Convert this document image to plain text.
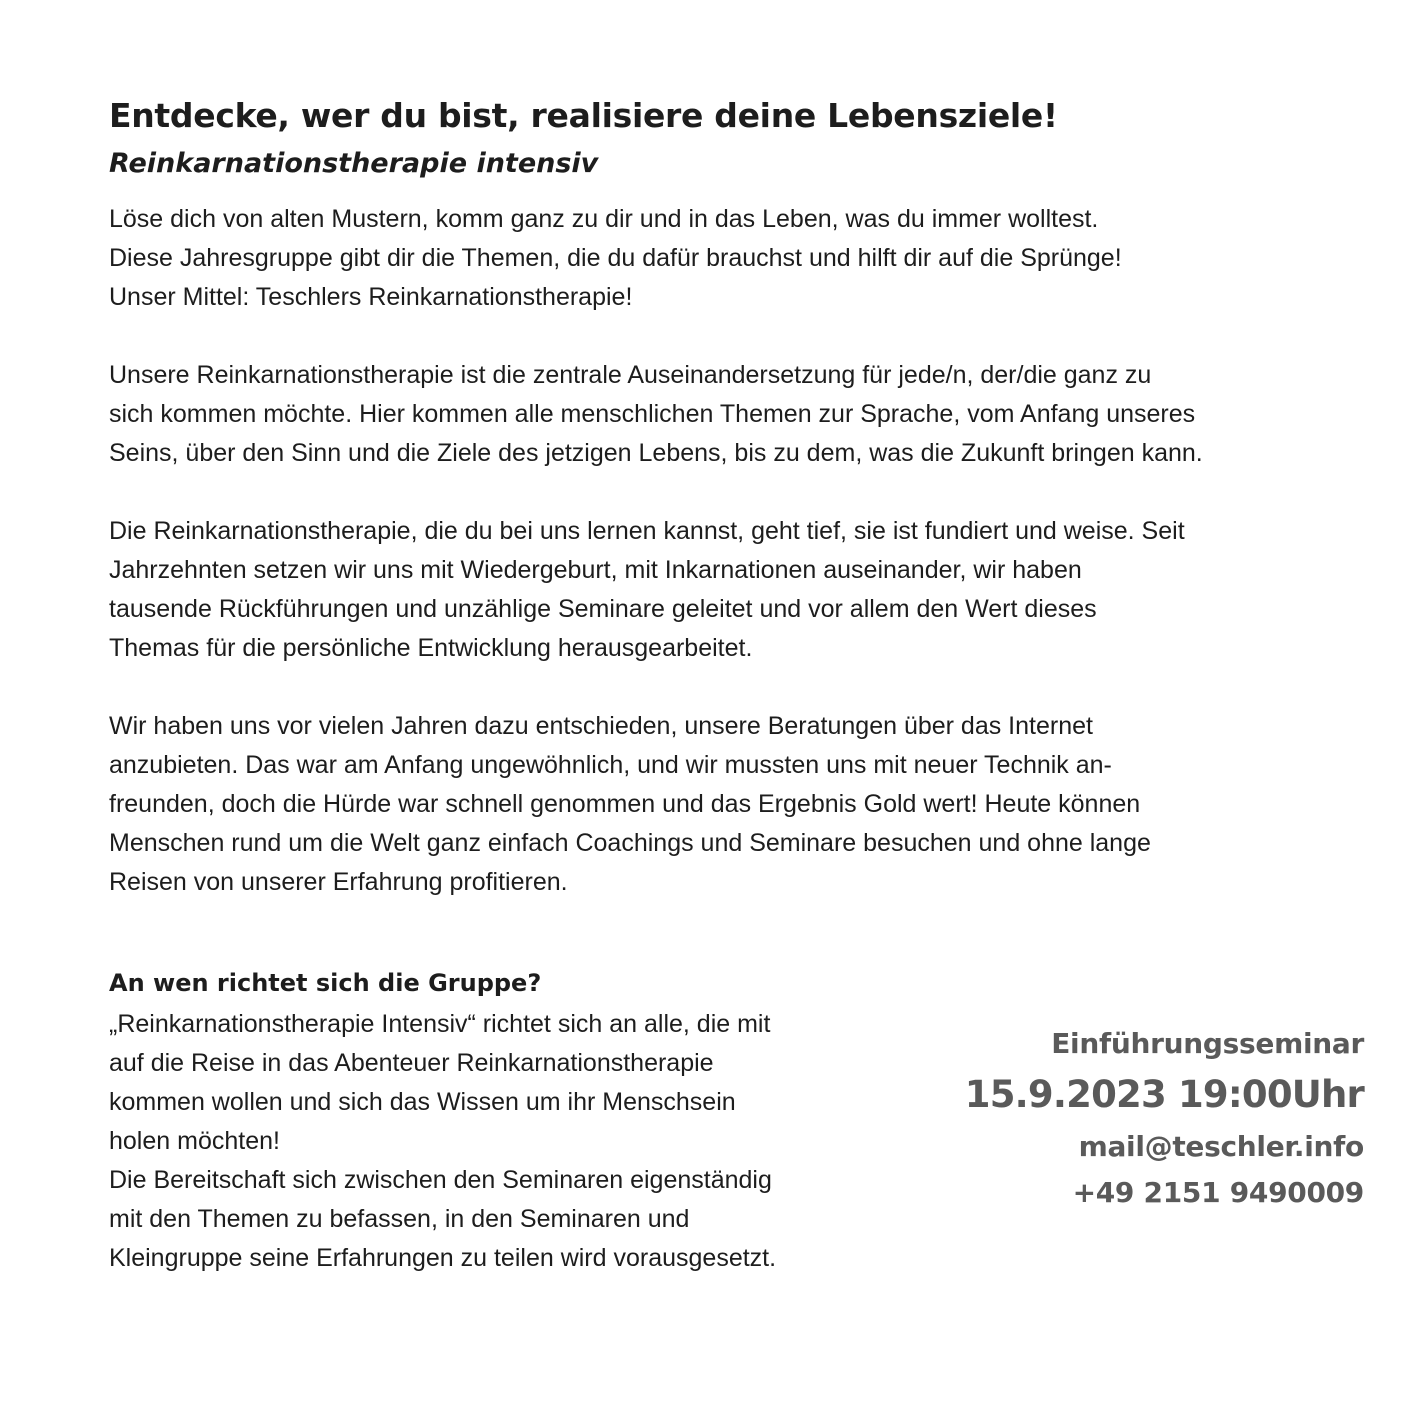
Entdecke, wer du bist, realisiere deine Lebensziele!
Reinkarnationstherapie intensiv

Löse dich von alten Mustern, komm ganz zu dir und in das Leben, was du immer wolltest.
Diese Jahresgruppe gibt dir die Themen, die du dafür brauchst und hilft dir auf die Sprünge!
Unser Mittel: Teschlers Reinkarnationstherapie!

Unsere Reinkarnationstherapie ist die zentrale Auseinandersetzung für jede/n, der/die ganz zu
sich kommen möchte. Hier kommen alle menschlichen Themen zur Sprache, vom Anfang unseres
Seins, über den Sinn und die Ziele des jetzigen Lebens, bis zu dem, was die Zukunft bringen kann.

Die Reinkarnationstherapie, die du bei uns lernen kannst, geht tief, sie ist fundiert und weise. Seit
Jahrzehnten setzen wir uns mit Wiedergeburt, mit Inkarnationen auseinander, wir haben
tausende Rückführungen und unzählige Seminare geleitet und vor allem den Wert dieses
Themas für die persönliche Entwicklung herausgearbeitet.

Wir haben uns vor vielen Jahren dazu entschieden, unsere Beratungen über das Internet
anzubieten. Das war am Anfang ungewöhnlich, und wir mussten uns mit neuer Technik an-
freunden, doch die Hürde war schnell genommen und das Ergebnis Gold wert! Heute können
Menschen rund um die Welt ganz einfach Coachings und Seminare besuchen und ohne lange
Reisen von unserer Erfahrung profitieren.

An wen richtet sich die Gruppe?
„Reinkarnationstherapie Intensiv“ richtet sich an alle, die mit
auf die Reise in das Abenteuer Reinkarnationstherapie
kommen wollen und sich das Wissen um ihr Menschsein
holen möchten!
Die Bereitschaft sich zwischen den Seminaren eigenständig
mit den Themen zu befassen, in den Seminaren und
Kleingruppe seine Erfahrungen zu teilen wird vorausgesetzt.
Einführungsseminar
15.9.2023 19:00Uhr
mail@teschler.info
+49 2151 9490009
